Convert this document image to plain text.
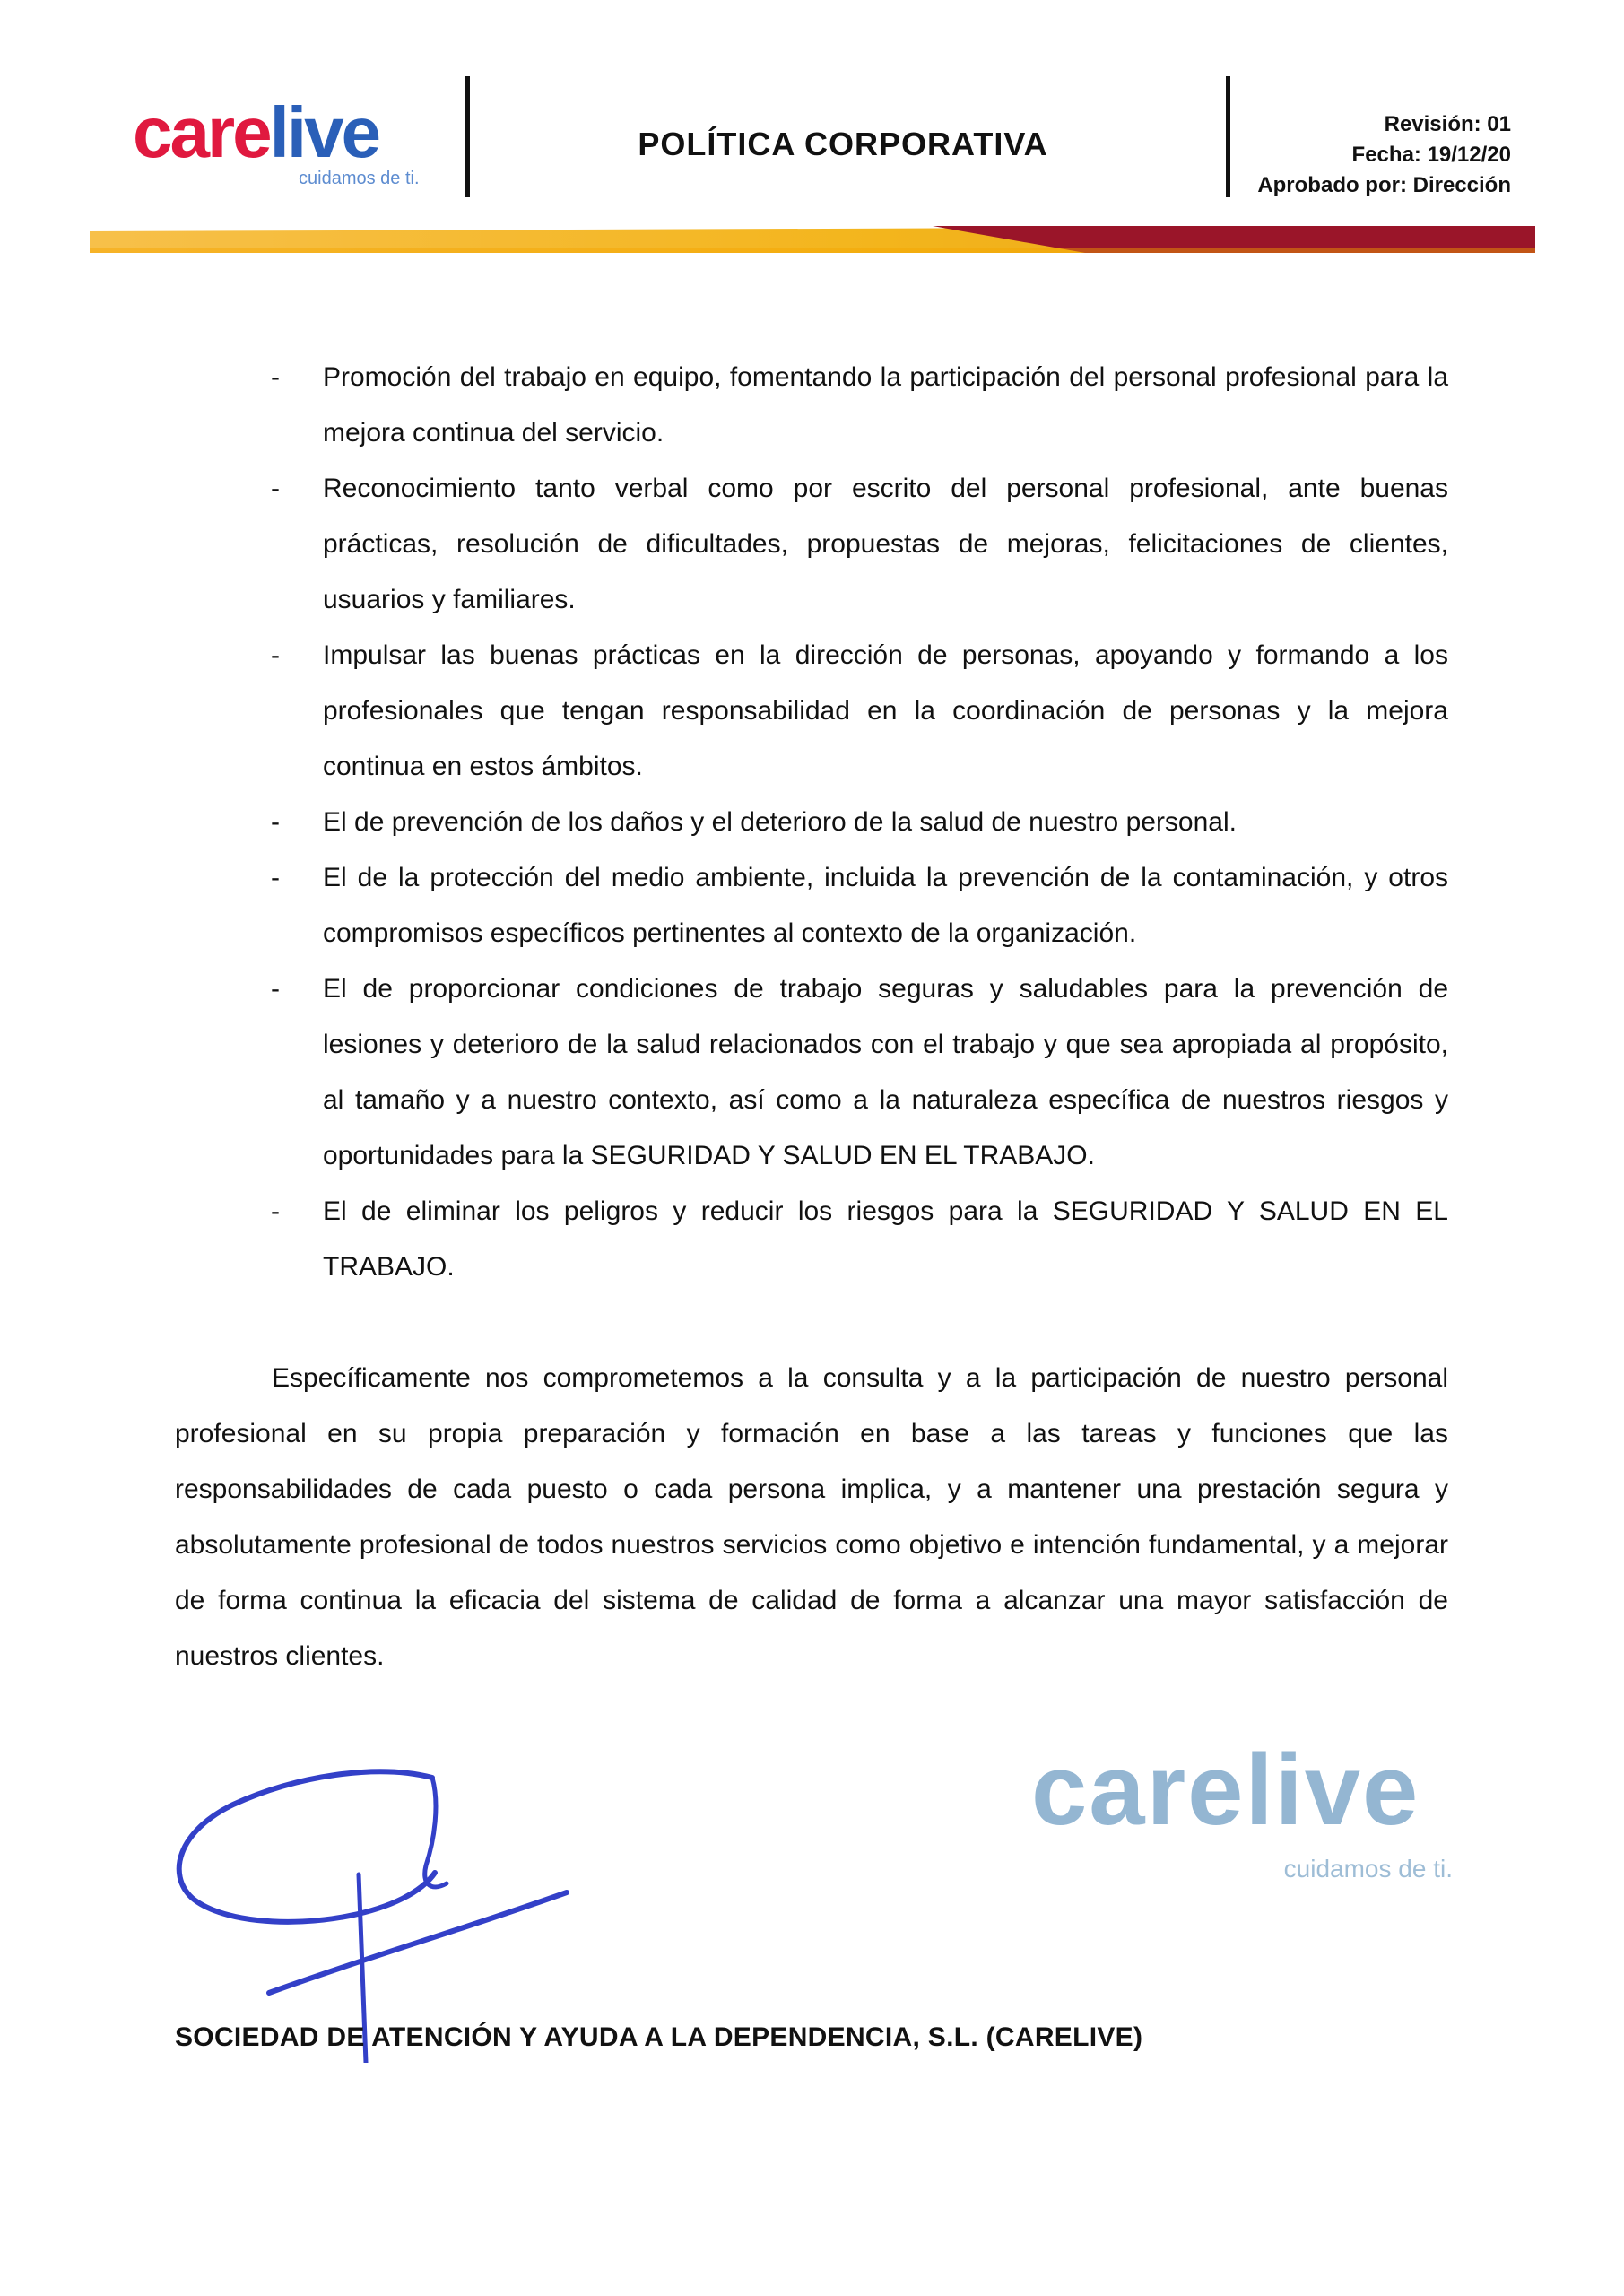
carelive
cuidamos de ti.
POLÍTICA CORPORATIVA
Revisión: 01
Fecha: 19/12/20
Aprobado por: Dirección
- Promoción del trabajo en equipo, fomentando la participación del personal profesional para la mejora continua del servicio.
- Reconocimiento tanto verbal como por escrito del personal profesional, ante buenas prácticas, resolución de dificultades, propuestas de mejoras, felicitaciones de clientes, usuarios y familiares.
- Impulsar las buenas prácticas en la dirección de personas, apoyando y formando a los profesionales que tengan responsabilidad en la coordinación de personas y la mejora continua en estos ámbitos.
- El de prevención de los daños y el deterioro de la salud de nuestro personal.
- El de la protección del medio ambiente, incluida la prevención de la contaminación, y otros compromisos específicos pertinentes al contexto de la organización.
- El de proporcionar condiciones de trabajo seguras y saludables para la prevención de lesiones y deterioro de la salud relacionados con el trabajo y que sea apropiada al propósito, al tamaño y a nuestro contexto, así como a la naturaleza específica de nuestros riesgos y oportunidades para la SEGURIDAD Y SALUD EN EL TRABAJO.
- El de eliminar los peligros y reducir los riesgos para la SEGURIDAD Y SALUD EN EL TRABAJO.

Específicamente nos comprometemos a la consulta y a la participación de nuestro personal profesional en su propia preparación y formación en base a las tareas y funciones que las responsabilidades de cada puesto o cada persona implica, y a mantener una prestación segura y absolutamente profesional de todos nuestros servicios como objetivo e intención fundamental, y a mejorar de forma continua la eficacia del sistema de calidad de forma a alcanzar una mayor satisfacción de nuestros clientes.

carelive
cuidamos de ti.
SOCIEDAD DE ATENCIÓN Y AYUDA A LA DEPENDENCIA, S.L. (CARELIVE)
